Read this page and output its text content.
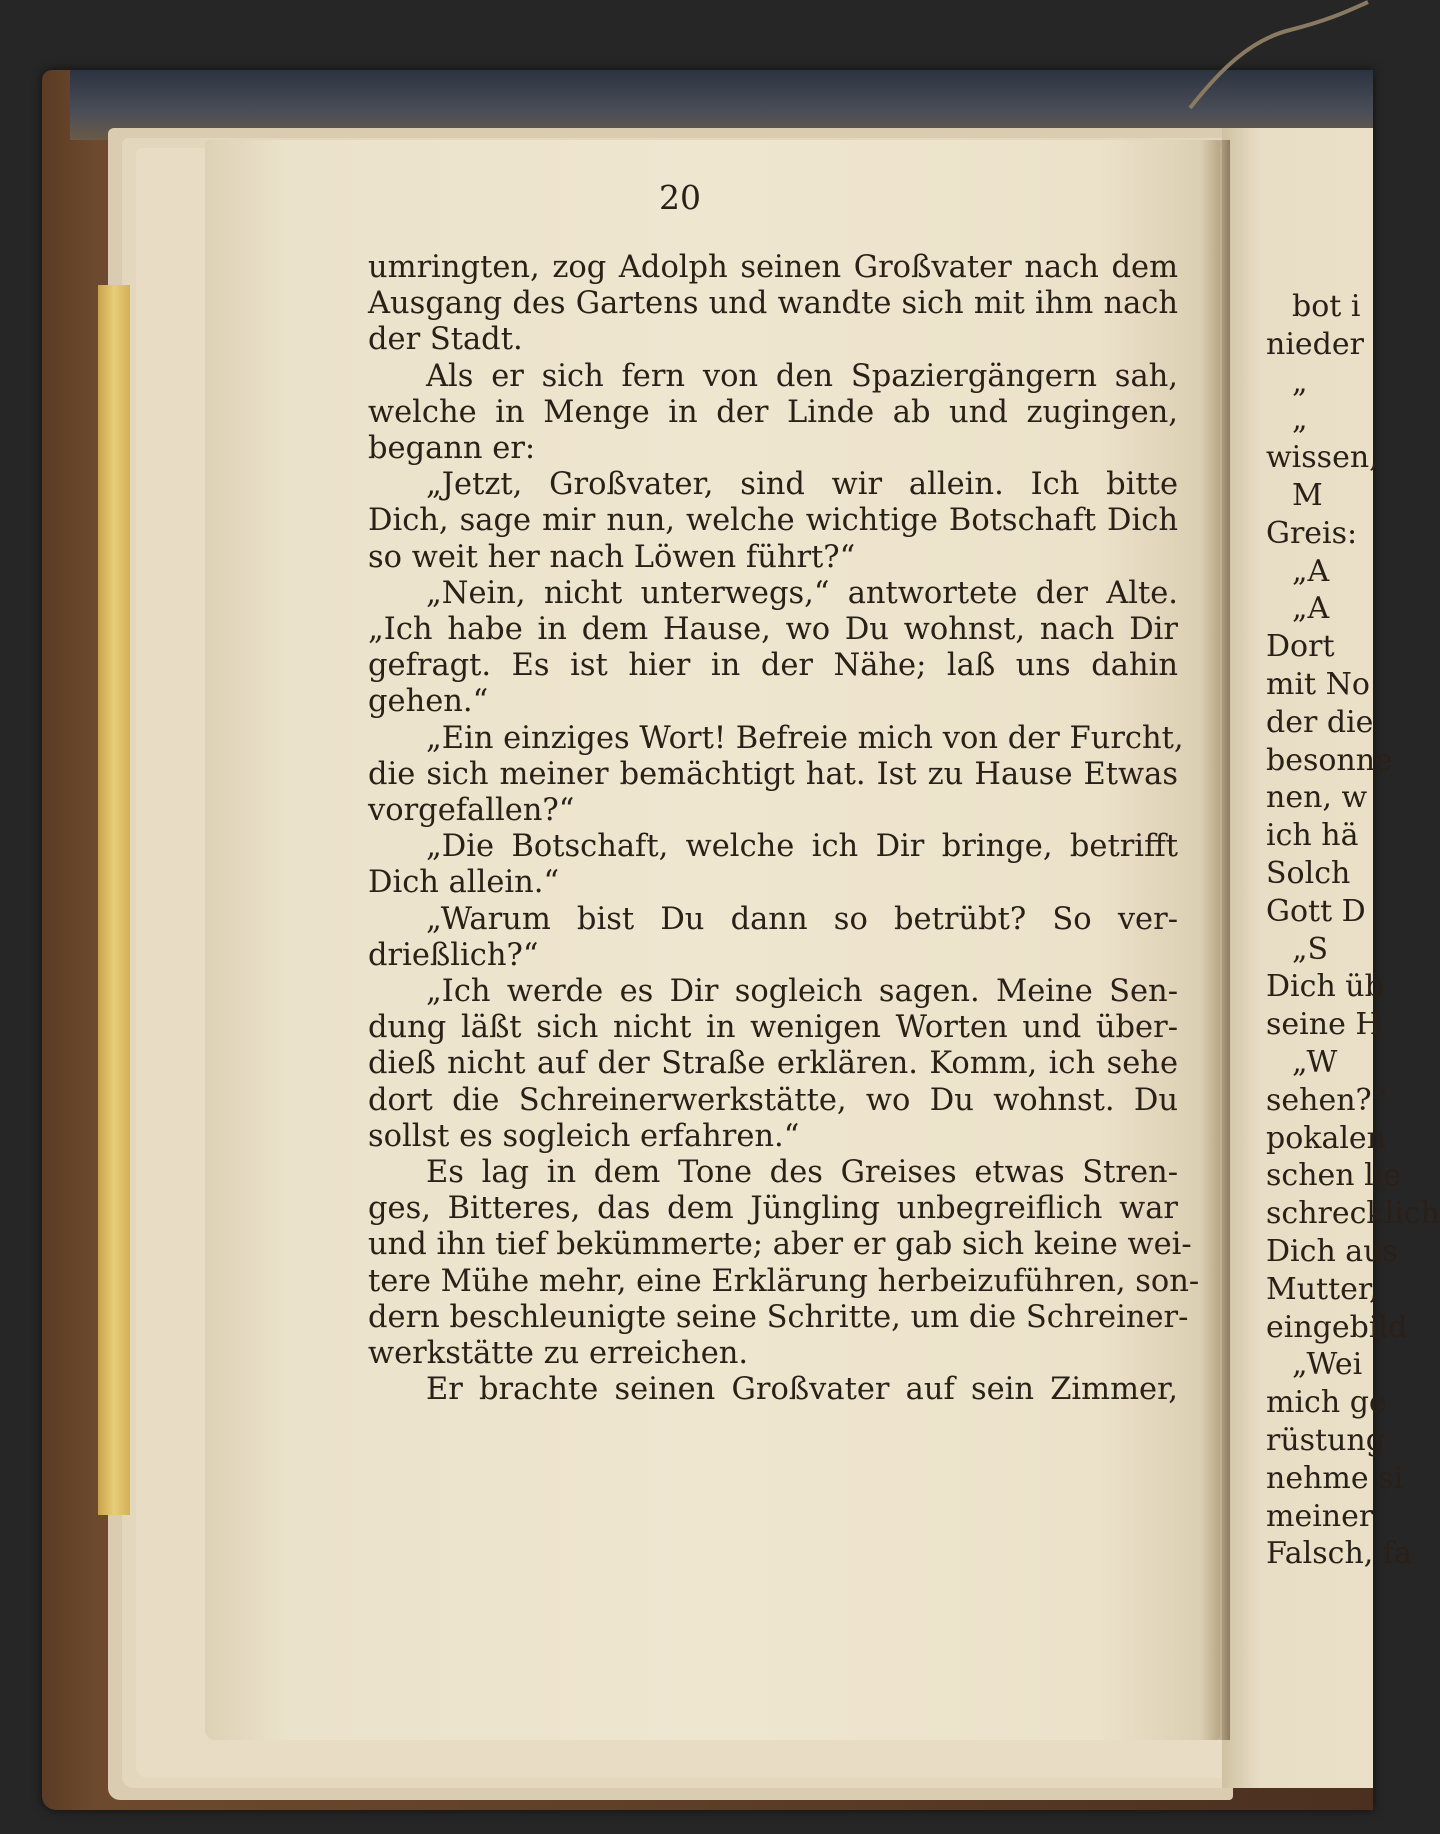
20
umringten, zog Adolph seinen Großvater nach dem
Ausgang des Gartens und wandte sich mit ihm nach
der Stadt.
Als er sich fern von den Spaziergängern sah,
welche in Menge in der Linde ab und zugingen,
begann er:
„Jetzt, Großvater, sind wir allein. Ich bitte
Dich, sage mir nun, welche wichtige Botschaft Dich
so weit her nach Löwen führt?“
„Nein, nicht unterwegs,“ antwortete der Alte.
„Ich habe in dem Hause, wo Du wohnst, nach Dir
gefragt. Es ist hier in der Nähe; laß uns dahin
gehen.“
„Ein einziges Wort! Befreie mich von der Furcht,
die sich meiner bemächtigt hat. Ist zu Hause Etwas
vorgefallen?“
„Die Botschaft, welche ich Dir bringe, betrifft
Dich allein.“
„Warum bist Du dann so betrübt? So ver-
drießlich?“
„Ich werde es Dir sogleich sagen. Meine Sen-
dung läßt sich nicht in wenigen Worten und über-
dieß nicht auf der Straße erklären. Komm, ich sehe
dort die Schreinerwerkstätte, wo Du wohnst. Du
sollst es sogleich erfahren.“
Es lag in dem Tone des Greises etwas Stren-
ges, Bitteres, das dem Jüngling unbegreiflich war
und ihn tief bekümmerte; aber er gab sich keine wei-
tere Mühe mehr, eine Erklärung herbeizuführen, son-
dern beschleunigte seine Schritte, um die Schreiner-
werkstätte zu erreichen.
Er brachte seinen Großvater auf sein Zimmer,
bot i
nieder
„
„
wissen,
M
Greis:
„A
„A
Dort
mit No
der die
besonne
nen, w
ich hä
Solch
Gott D
„S
Dich üb
seine H
„W
sehen?“
pokalen
schen lie
schrecklich
Dich aus
Mutter,
eingebild
„Wei
mich ge
rüstung
nehme si
meiner
Falsch, fa
